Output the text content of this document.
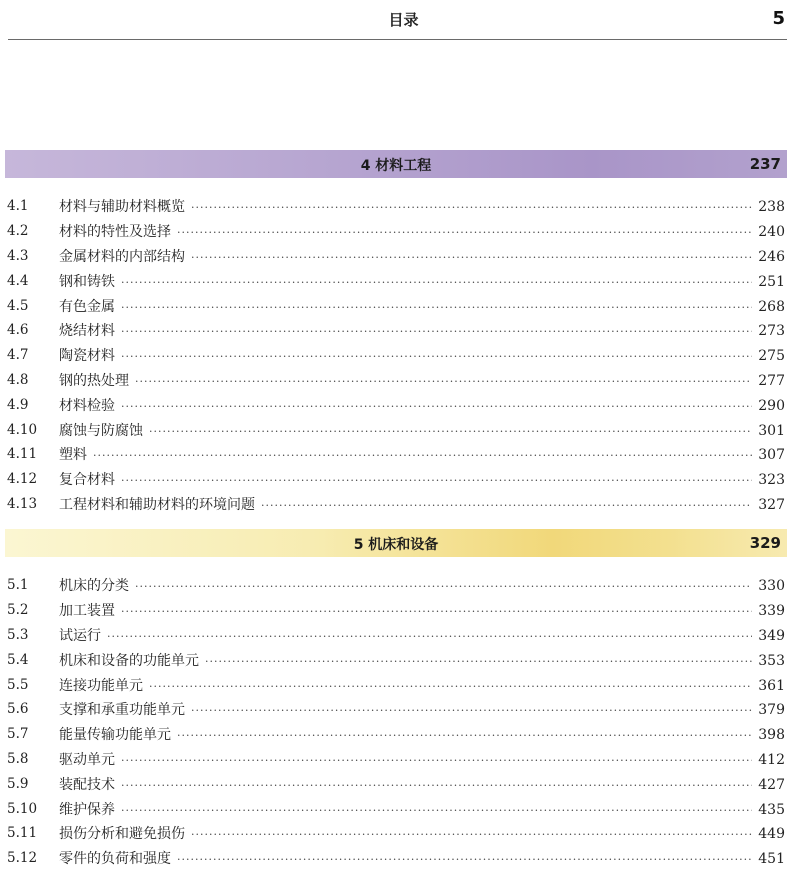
目录	5
4 材料工程	237
4.1	材料与辅助材料概览 ·····	238
4.2	材料的特性及选择 ·····	240
4.3	金属材料的内部结构 ·····	246
4.4	钢和铸铁 ·····	251
4.5	有色金属 ·····	268
4.6	烧结材料 ·····	273
4.7	陶瓷材料 ·····	275
4.8	钢的热处理 ·····	277
4.9	材料检验 ·····	290
4.10	腐蚀与防腐蚀 ·····	301
4.11	塑料 ·····	307
4.12	复合材料 ·····	323
4.13	工程材料和辅助材料的环境问题 ·····	327
5 机床和设备	329
5.1	机床的分类 ·····	330
5.2	加工装置 ·····	339
5.3	试运行 ·····	349
5.4	机床和设备的功能单元 ·····	353
5.5	连接功能单元 ·····	361
5.6	支撑和承重功能单元 ·····	379
5.7	能量传输功能单元 ·····	398
5.8	驱动单元 ·····	412
5.9	装配技术 ·····	427
5.10	维护保养 ·····	435
5.11	损伤分析和避免损伤 ·····	449
5.12	零件的负荷和强度 ·····	451
